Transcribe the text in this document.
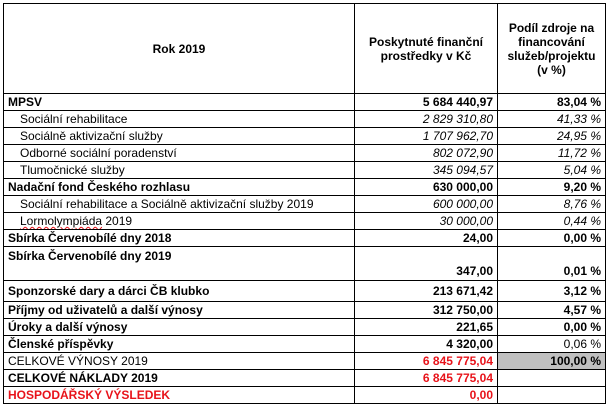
Rok 2019	Poskytnuté finanční prostředky v Kč	Podíl zdroje na financování služeb/projektu (v %)
MPSV	5 684 440,97	83,04 %
Sociální rehabilitace	2 829 310,80	41,33 %
Sociálně aktivizační služby	1 707 962,70	24,95 %
Odborné sociální poradenství	802 072,90	11,72 %
Tlumočnické služby	345 094,57	5,04 %
Nadační fond Českého rozhlasu	630 000,00	9,20 %
Sociální rehabilitace a Sociálně aktivizační služby 2019	600 000,00	8,76 %
Lormolympiáda 2019	30 000,00	0,44 %
Sbírka Červenobílé dny 2018	24,00	0,00 %
Sbírka Červenobílé dny 2019	347,00	0,01 %
Sponzorské dary a dárci ČB klubko	213 671,42	3,12 %
Příjmy od uživatelů a další výnosy	312 750,00	4,57 %
Úroky a další výnosy	221,65	0,00 %
Členské příspěvky	4 320,00	0,06 %
CELKOVÉ VÝNOSY 2019	6 845 775,04	100,00 %
CELKOVÉ NÁKLADY 2019	6 845 775,04	
HOSPODÁŘSKÝ VÝSLEDEK	0,00	
